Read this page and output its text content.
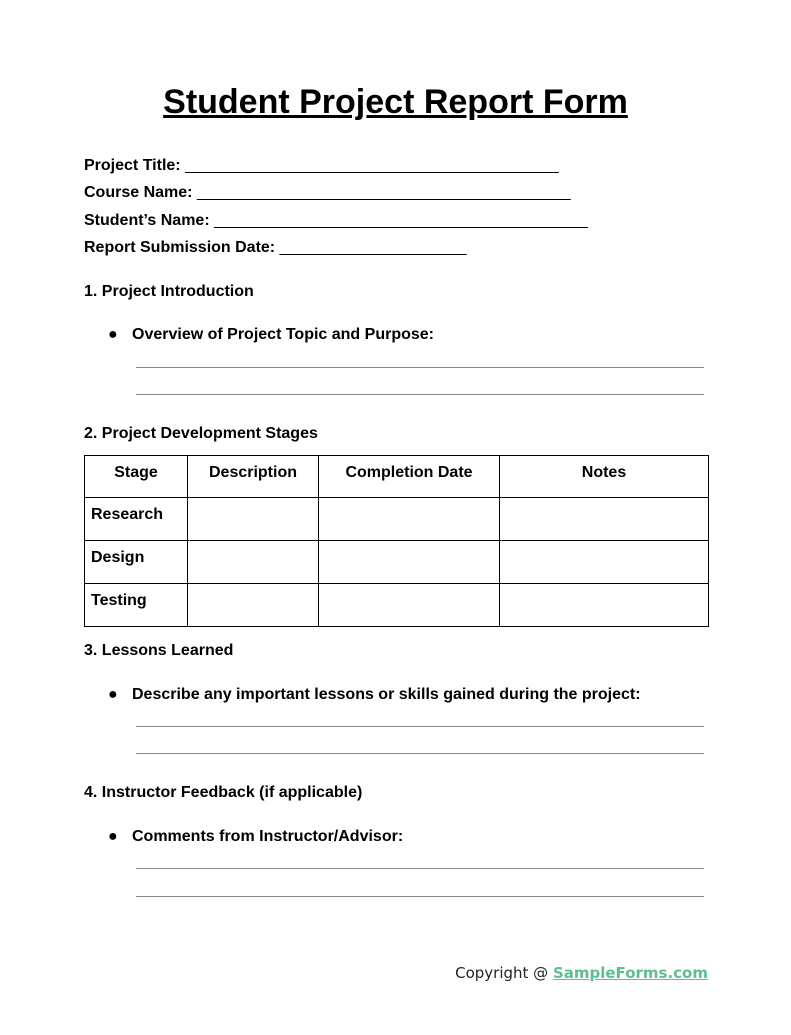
Student Project Report Form
Project Title: __________________________________________
Course Name: __________________________________________
Student’s Name: __________________________________________
Report Submission Date: _____________________
1. Project Introduction
● Overview of Project Topic and Purpose:
2. Project Development Stages
Stage	Description	Completion Date	Notes
Research			
Design			
Testing			
3. Lessons Learned
● Describe any important lessons or skills gained during the project:
4. Instructor Feedback (if applicable)
● Comments from Instructor/Advisor:
Copyright @ SampleForms.com
